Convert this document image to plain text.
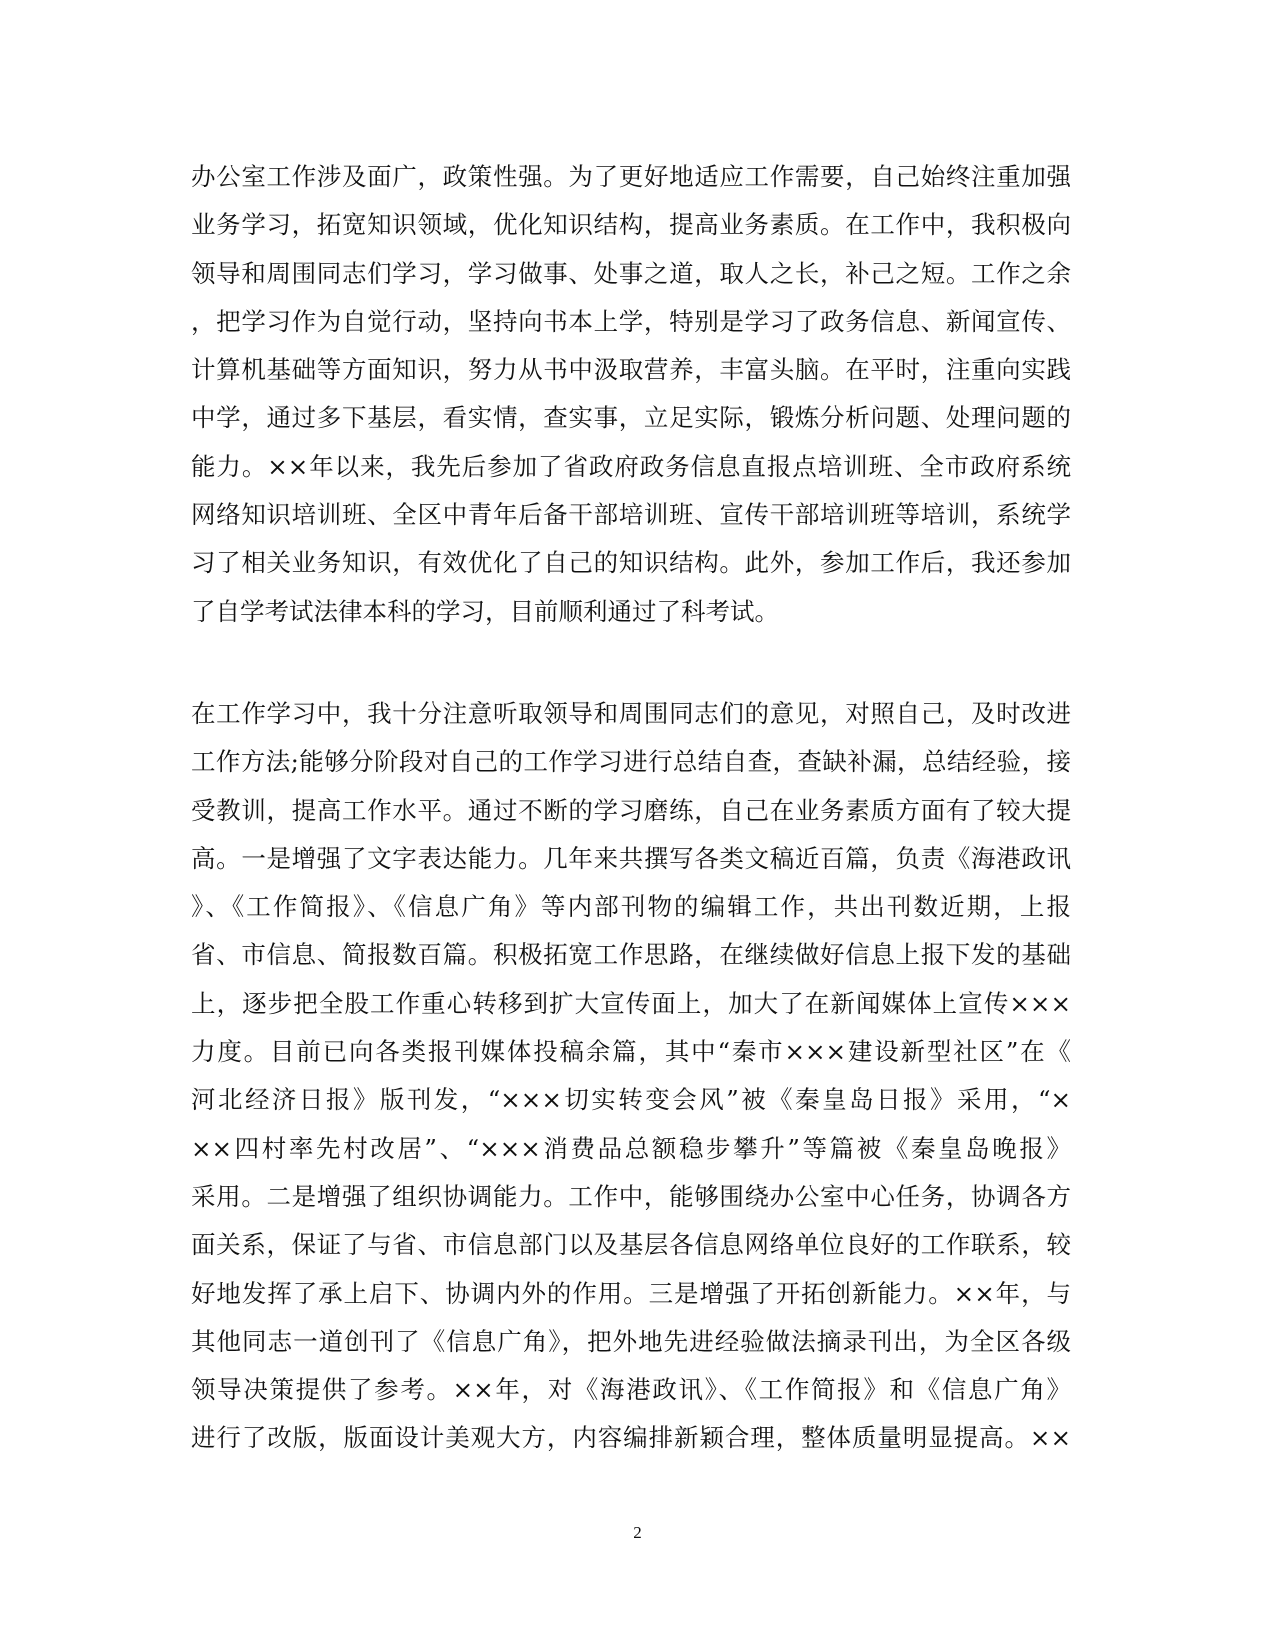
办公室工作涉及面广，政策性强。为了更好地适应工作需要，自己始终注重加强
业务学习，拓宽知识领域，优化知识结构，提高业务素质。在工作中，我积极向
领导和周围同志们学习，学习做事、处事之道，取人之长，补己之短。工作之余
，把学习作为自觉行动，坚持向书本上学，特别是学习了政务信息、新闻宣传、
计算机基础等方面知识，努力从书中汲取营养，丰富头脑。在平时，注重向实践
中学，通过多下基层，看实情，查实事，立足实际，锻炼分析问题、处理问题的
能力。××年以来，我先后参加了省政府政务信息直报点培训班、全市政府系统
网络知识培训班、全区中青年后备干部培训班、宣传干部培训班等培训，系统学
习了相关业务知识，有效优化了自己的知识结构。此外，参加工作后，我还参加
了自学考试法律本科的学习，目前顺利通过了科考试。
在工作学习中，我十分注意听取领导和周围同志们的意见，对照自己，及时改进
工作方法;能够分阶段对自己的工作学习进行总结自查，查缺补漏，总结经验，接
受教训，提高工作水平。通过不断的学习磨练，自己在业务素质方面有了较大提
高。一是增强了文字表达能力。几年来共撰写各类文稿近百篇，负责《海港政讯
》、《工作简报》、《信息广角》等内部刊物的编辑工作，共出刊数近期，上报
省、市信息、简报数百篇。积极拓宽工作思路，在继续做好信息上报下发的基础
上，逐步把全股工作重心转移到扩大宣传面上，加大了在新闻媒体上宣传×××
力度。目前已向各类报刊媒体投稿余篇，其中“秦市×××建设新型社区”在《
河北经济日报》版刊发，“×××切实转变会风”被《秦皇岛日报》采用，“×
××四村率先村改居”、“×××消费品总额稳步攀升”等篇被《秦皇岛晚报》
采用。二是增强了组织协调能力。工作中，能够围绕办公室中心任务，协调各方
面关系，保证了与省、市信息部门以及基层各信息网络单位良好的工作联系，较
好地发挥了承上启下、协调内外的作用。三是增强了开拓创新能力。××年，与
其他同志一道创刊了《信息广角》，把外地先进经验做法摘录刊出，为全区各级
领导决策提供了参考。××年，对《海港政讯》、《工作简报》和《信息广角》
进行了改版，版面设计美观大方，内容编排新颖合理，整体质量明显提高。××
2
